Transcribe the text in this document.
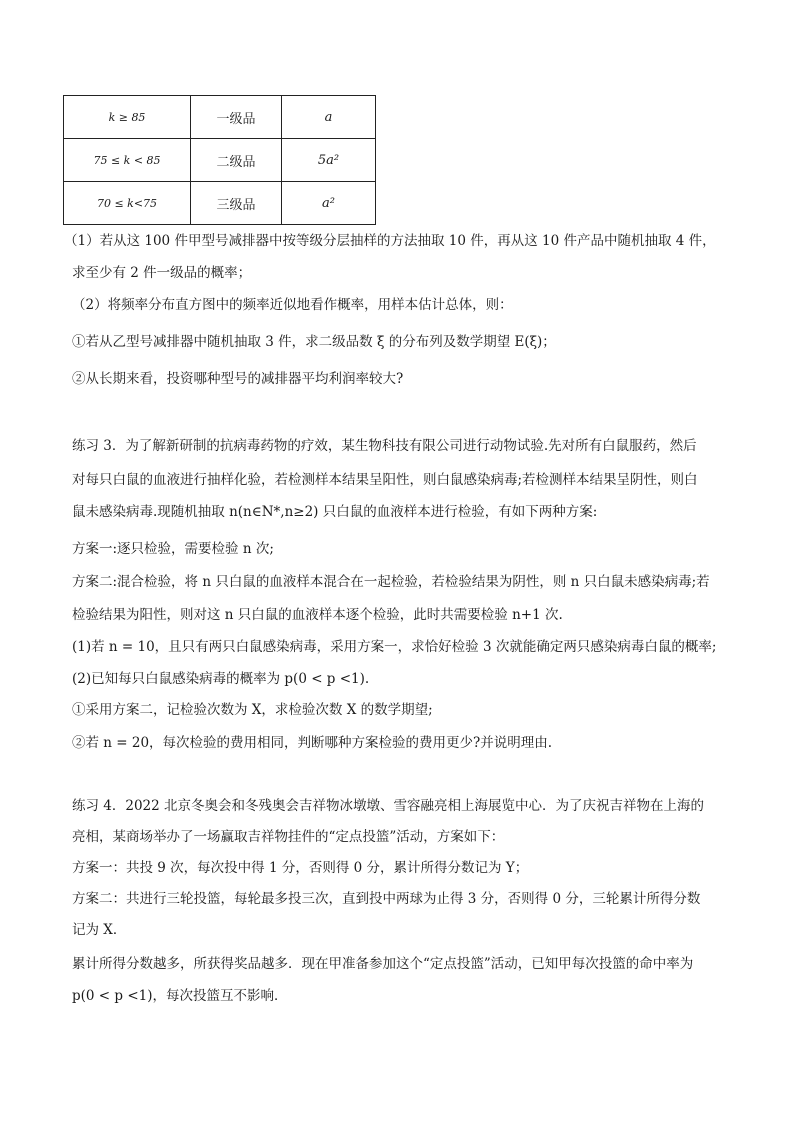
k ≥ 85	一级品	a
75 ≤ k < 85	二级品	5a²
70 ≤ k<75	三级品	a²
（1）若从这 100 件甲型号减排器中按等级分层抽样的方法抽取 10 件，再从这 10 件产品中随机抽取 4 件，
求至少有 2 件一级品的概率；
（2）将频率分布直方图中的频率近似地看作概率，用样本估计总体，则：
①若从乙型号减排器中随机抽取 3 件，求二级品数 ξ 的分布列及数学期望 E(ξ)；
②从长期来看，投资哪种型号的减排器平均利润率较大?
练习 3．为了解新研制的抗病毒药物的疗效，某生物科技有限公司进行动物试验.先对所有白鼠服药，然后
对每只白鼠的血液进行抽样化验，若检测样本结果呈阳性，则白鼠感染病毒;若检测样本结果呈阴性，则白
鼠未感染病毒.现随机抽取 n(n∈N*,n≥2) 只白鼠的血液样本进行检验，有如下两种方案:
方案一:逐只检验，需要检验 n 次;
方案二:混合检验，将 n 只白鼠的血液样本混合在一起检验，若检验结果为阴性，则 n 只白鼠未感染病毒;若
检验结果为阳性，则对这 n 只白鼠的血液样本逐个检验，此时共需要检验 n+1 次.
(1)若 n = 10，且只有两只白鼠感染病毒，采用方案一，求恰好检验 3 次就能确定两只感染病毒白鼠的概率;
(2)已知每只白鼠感染病毒的概率为 p(0 < p <1).
①采用方案二，记检验次数为 X，求检验次数 X 的数学期望;
②若 n = 20，每次检验的费用相同，判断哪种方案检验的费用更少?并说明理由.
练习 4．2022 北京冬奥会和冬残奥会吉祥物冰墩墩、雪容融亮相上海展览中心．为了庆祝吉祥物在上海的
亮相，某商场举办了一场赢取吉祥物挂件的“定点投篮”活动，方案如下：
方案一：共投 9 次，每次投中得 1 分，否则得 0 分，累计所得分数记为 Y；
方案二：共进行三轮投篮，每轮最多投三次，直到投中两球为止得 3 分，否则得 0 分，三轮累计所得分数
记为 X．
累计所得分数越多，所获得奖品越多．现在甲准备参加这个“定点投篮”活动，已知甲每次投篮的命中率为
p(0 < p <1)，每次投篮互不影响．
